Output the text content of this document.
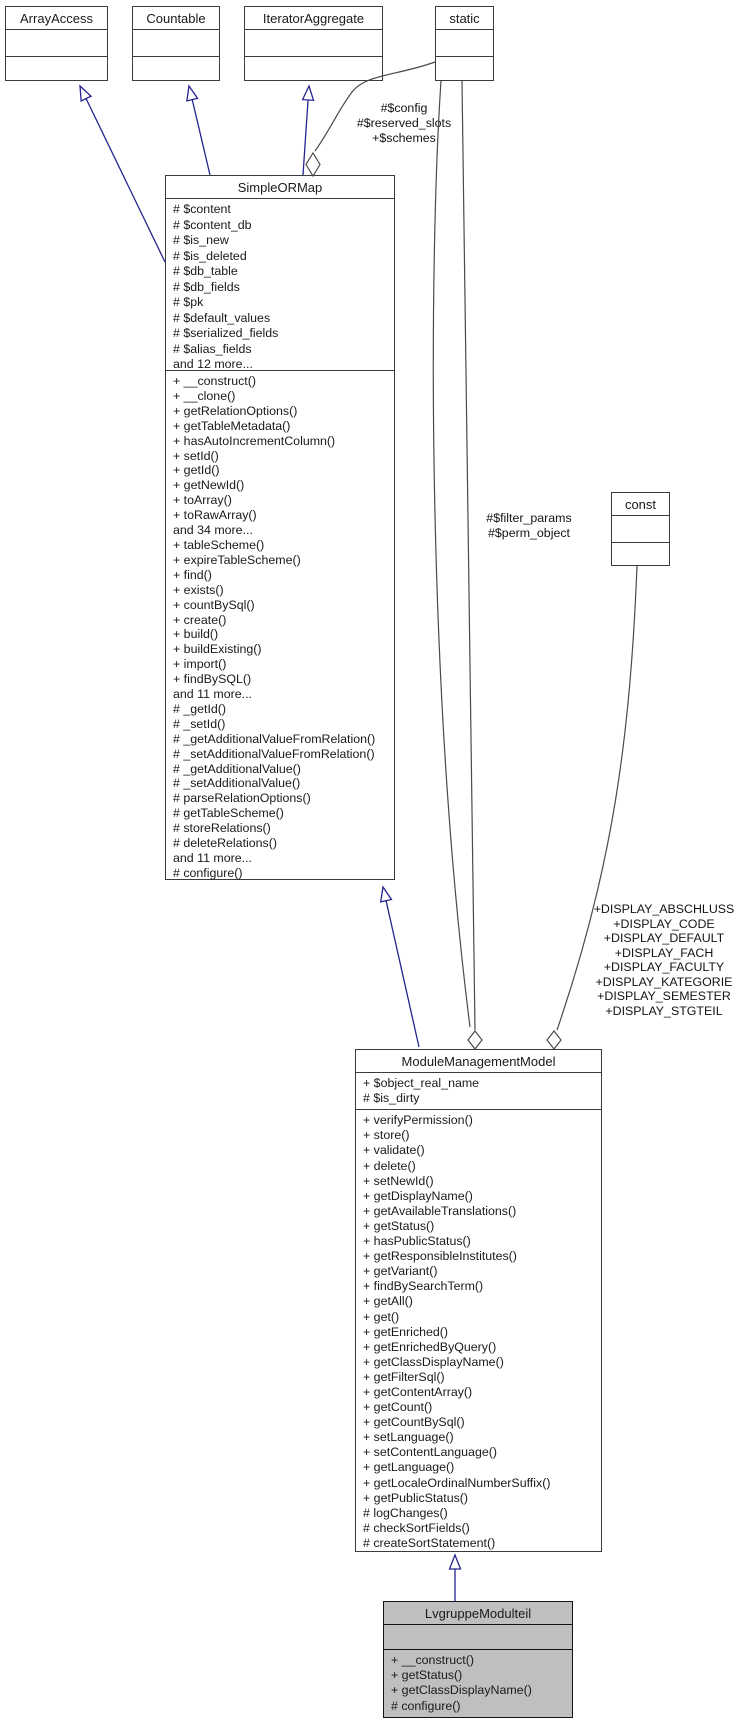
ArrayAccess	Countable	IteratorAggregate	static
const
SimpleORMap
# $content
# $content_db
# $is_new
# $is_deleted
# $db_table
# $db_fields
# $pk
# $default_values
# $serialized_fields
# $alias_fields
and 12 more...
+ __construct()
+ __clone()
+ getRelationOptions()
+ getTableMetadata()
+ hasAutoIncrementColumn()
+ setId()
+ getId()
+ getNewId()
+ toArray()
+ toRawArray()
and 34 more...
+ tableScheme()
+ expireTableScheme()
+ find()
+ exists()
+ countBySql()
+ create()
+ build()
+ buildExisting()
+ import()
+ findBySQL()
and 11 more...
# _getId()
# _setId()
# _getAdditionalValueFromRelation()
# _setAdditionalValueFromRelation()
# _getAdditionalValue()
# _setAdditionalValue()
# parseRelationOptions()
# getTableScheme()
# storeRelations()
# deleteRelations()
and 11 more...
# configure()
ModuleManagementModel
+ $object_real_name
# $is_dirty
+ verifyPermission()
+ store()
+ validate()
+ delete()
+ setNewId()
+ getDisplayName()
+ getAvailableTranslations()
+ getStatus()
+ hasPublicStatus()
+ getResponsibleInstitutes()
+ getVariant()
+ findBySearchTerm()
+ getAll()
+ get()
+ getEnriched()
+ getEnrichedByQuery()
+ getClassDisplayName()
+ getFilterSql()
+ getContentArray()
+ getCount()
+ getCountBySql()
+ setLanguage()
+ setContentLanguage()
+ getLanguage()
+ getLocaleOrdinalNumberSuffix()
+ getPublicStatus()
# logChanges()
# checkSortFields()
# createSortStatement()
LvgruppeModulteil
+ __construct()
+ getStatus()
+ getClassDisplayName()
# configure()
#$config
#$reserved_slots
+$schemes
#$filter_params
#$perm_object
+DISPLAY_ABSCHLUSS
+DISPLAY_CODE
+DISPLAY_DEFAULT
+DISPLAY_FACH
+DISPLAY_FACULTY
+DISPLAY_KATEGORIE
+DISPLAY_SEMESTER
+DISPLAY_STGTEIL
